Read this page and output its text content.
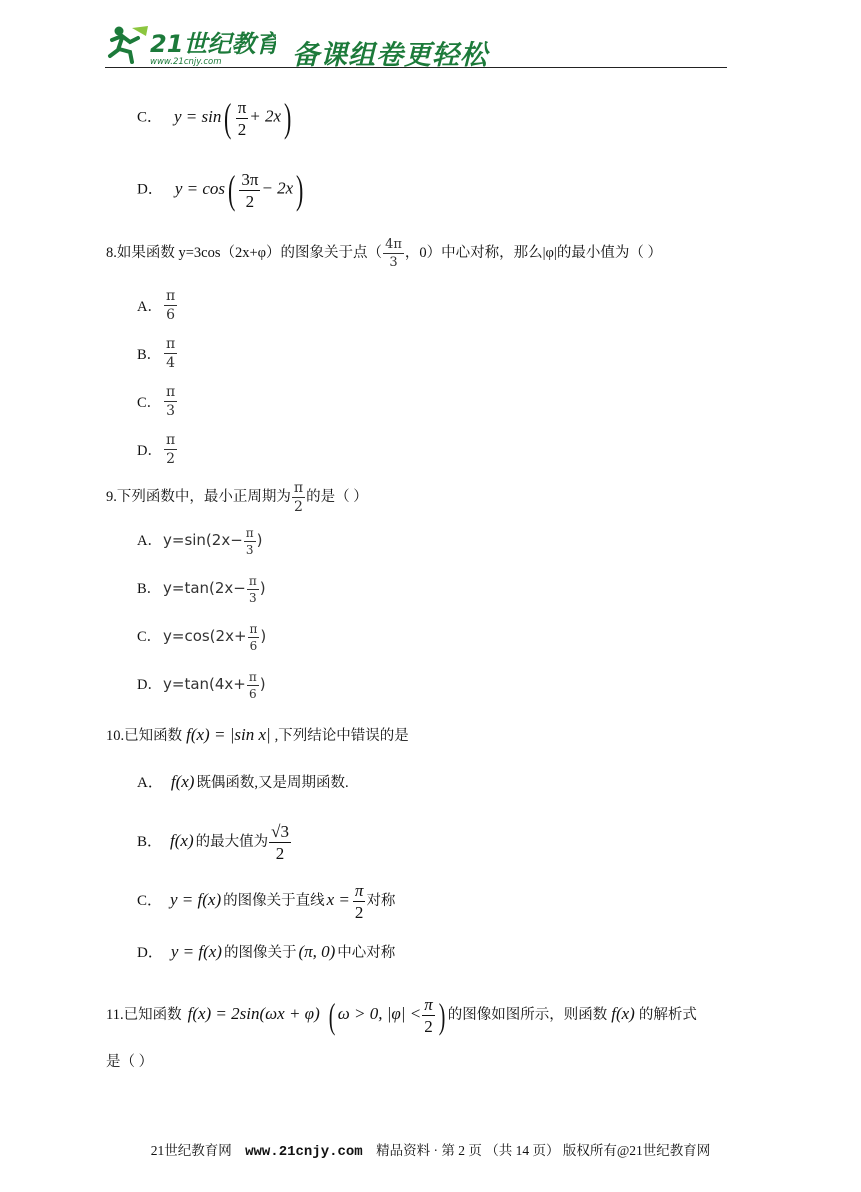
21世纪教育
www.21cnjy.com	备课组卷更轻松
C． $y = \sin( \frac{\pi}{2} + 2x)$
D． $y = \cos( \frac{3\pi}{2} - 2x)$
8.如果函数 y=3cos（2x+φ）的图象关于点（ $\frac{4\pi}{3}$ ，0）中心对称，那么|φ|的最小值为（ ）
A． $\frac{\pi}{6}$
B． $\frac{\pi}{4}$
C． $\frac{\pi}{3}$
D． $\frac{\pi}{2}$
9.下列函数中，最小正周期为 $\frac{\pi}{2}$ 的是（ ）
A．$y=\sin(2x- \frac{\pi}{3}$ )
B． $y=\tan(2x- \frac{\pi}{3}$ )
C． $y=\cos(2x+ \frac{\pi}{6}$ )
D．$y=\tan(4x+ \frac{\pi}{6}$ )
10.已知函数 f(x) = |sin x| ,下列结论中错误的是
A． f(x) 既偶函数,又是周期函数.
B． f(x) 的最大值为 $\frac{√3}{2}$
C． y = f(x) 的图像关于直线 $x = \frac{\pi}{2}$ 对称
D． y = f(x) 的图像关于 (π, 0) 中心对称
11.已知函数 f(x) = 2sin(ωx + φ) ( ω > 0, $|\varphi| < \frac{\pi}{2}$ ) 的图像如图所示，则函数 f(x) 的解析式
是（ ）
21世纪教育网 www.21cnjy.com 精品资料 · 第 2 页 （共 14 页） 版权所有@21世纪教育网
